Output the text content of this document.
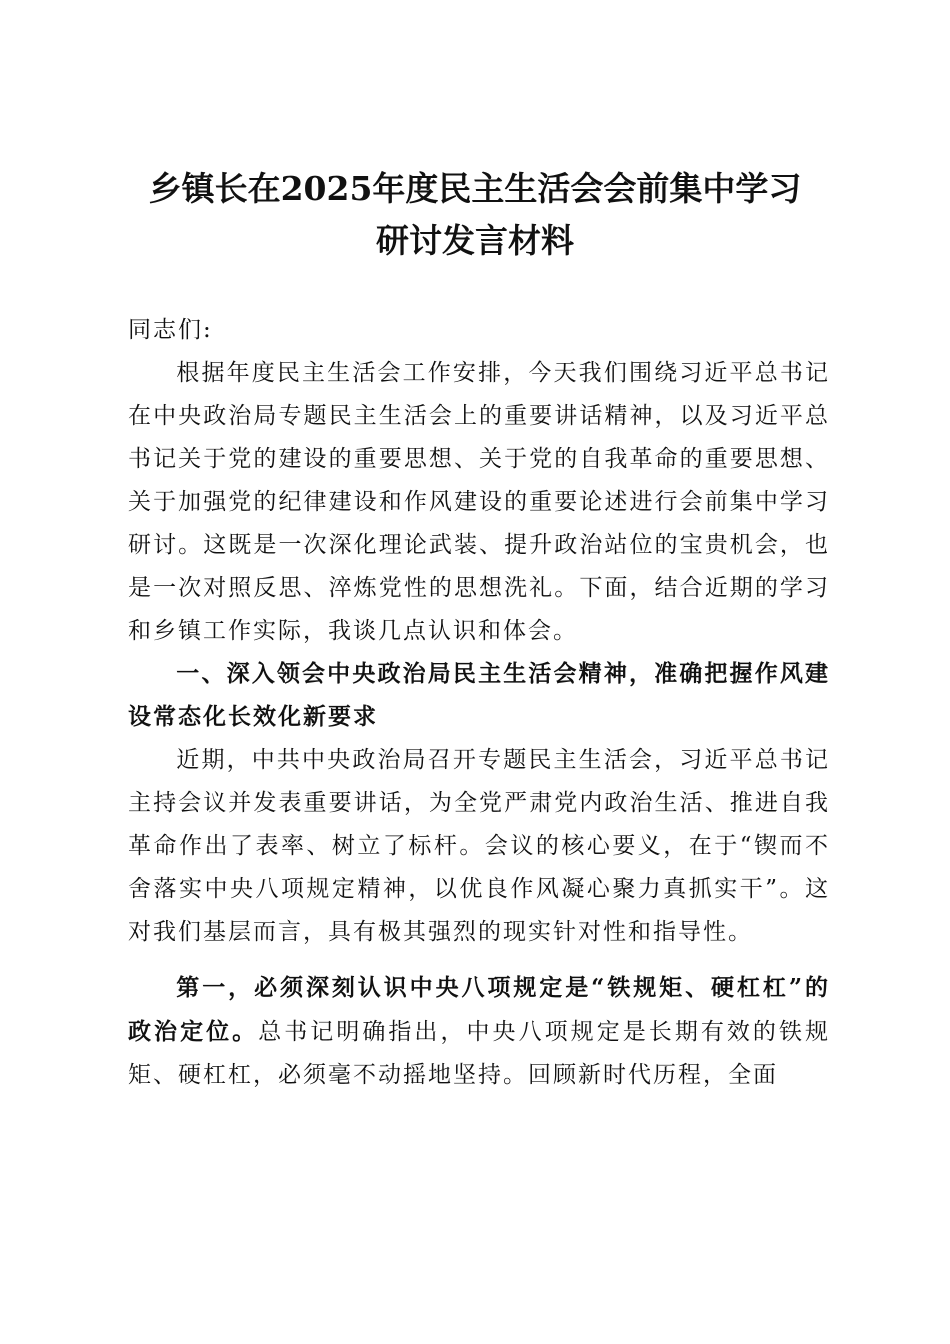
乡镇长在2025年度民主生活会会前集中学习
研讨发言材料

同志们:

根据年度民主生活会工作安排，今天我们围绕习近平总书记在中央政治局专题民主生活会上的重要讲话精神，以及习近平总书记关于党的建设的重要思想、关于党的自我革命的重要思想、关于加强党的纪律建设和作风建设的重要论述进行会前集中学习研讨。这既是一次深化理论武装、提升政治站位的宝贵机会，也是一次对照反思、淬炼党性的思想洗礼。下面，结合近期的学习和乡镇工作实际，我谈几点认识和体会。

一、深入领会中央政治局民主生活会精神，准确把握作风建设常态化长效化新要求

近期，中共中央政治局召开专题民主生活会，习近平总书记主持会议并发表重要讲话，为全党严肃党内政治生活、推进自我革命作出了表率、树立了标杆。会议的核心要义，在于“锲而不舍落实中央八项规定精神，以优良作风凝心聚力真抓实干”。这对我们基层而言，具有极其强烈的现实针对性和指导性。

第一，必须深刻认识中央八项规定是“铁规矩、硬杠杠”的政治定位。总书记明确指出，中央八项规定是长期有效的铁规矩、硬杠杠，必须毫不动摇地坚持。回顾新时代历程，全面
